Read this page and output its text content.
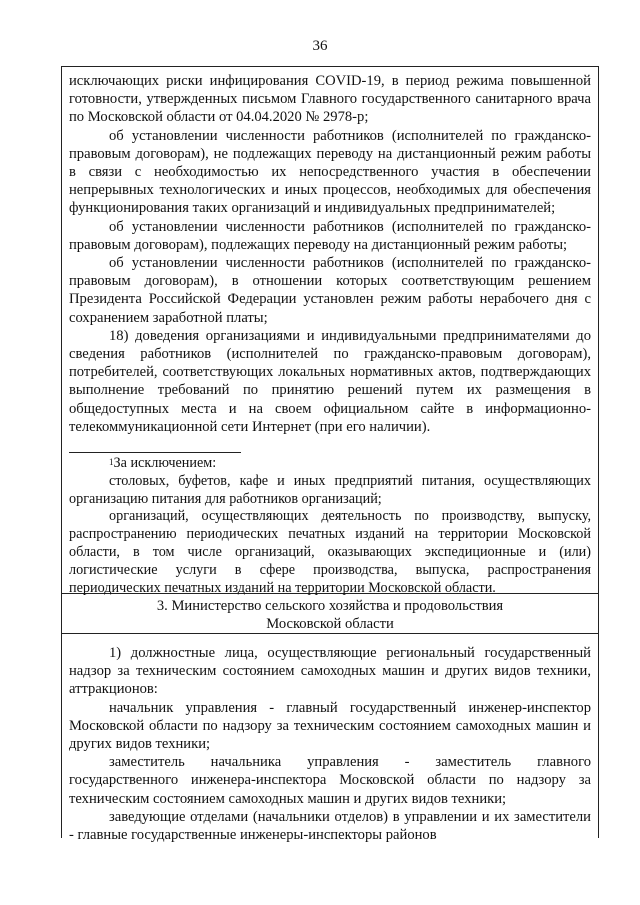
36

исключающих риски инфицирования COVID-19, в период режима повышенной готовности, утвержденных письмом Главного государственного санитарного врача по Московской области от 04.04.2020 № 2978-р;

об установлении численности работников (исполнителей по гражданско-правовым договорам), не подлежащих переводу на дистанционный режим работы в связи с необходимостью их непосредственного участия в обеспечении непрерывных технологических и иных процессов, необходимых для обеспечения функционирования таких организаций и индивидуальных предпринимателей;

об установлении численности работников (исполнителей по гражданско-правовым договорам), подлежащих переводу на дистанционный режим работы;

об установлении численности работников (исполнителей по гражданско-правовым договорам), в отношении которых соответствующим решением Президента Российской Федерации установлен режим работы нерабочего дня с сохранением заработной платы;

18) доведения организациями и индивидуальными предпринимателями до сведения работников (исполнителей по гражданско-правовым договорам), потребителей, соответствующих локальных нормативных актов, подтверждающих выполнение требований по принятию решений путем их размещения в общедоступных места и на своем официальном сайте в информационно-телекоммуникационной сети Интернет (при его наличии).

$^1$За исключением:

столовых, буфетов, кафе и иных предприятий питания, осуществляющих организацию питания для работников организаций;

организаций, осуществляющих деятельность по производству, выпуску, распространению периодических печатных изданий на территории Московской области, в том числе организаций, оказывающих экспедиционные и (или) логистические услуги в сфере производства, выпуска, распространения периодических печатных изданий на территории Московской области.

3. Министерство сельского хозяйства и продовольствия

Московской области

1) должностные лица, осуществляющие региональный государственный надзор за техническим состоянием самоходных машин и других видов техники, аттракционов:

начальник управления - главный государственный инженер-инспектор Московской области по надзору за техническим состоянием самоходных машин и других видов техники;

заместитель начальника управления - заместитель главного государственного инженера-инспектора Московской области по надзору за техническим состоянием самоходных машин и других видов техники;

заведующие отделами (начальники отделов) в управлении и их заместители - главные государственные инженеры-инспекторы районов
